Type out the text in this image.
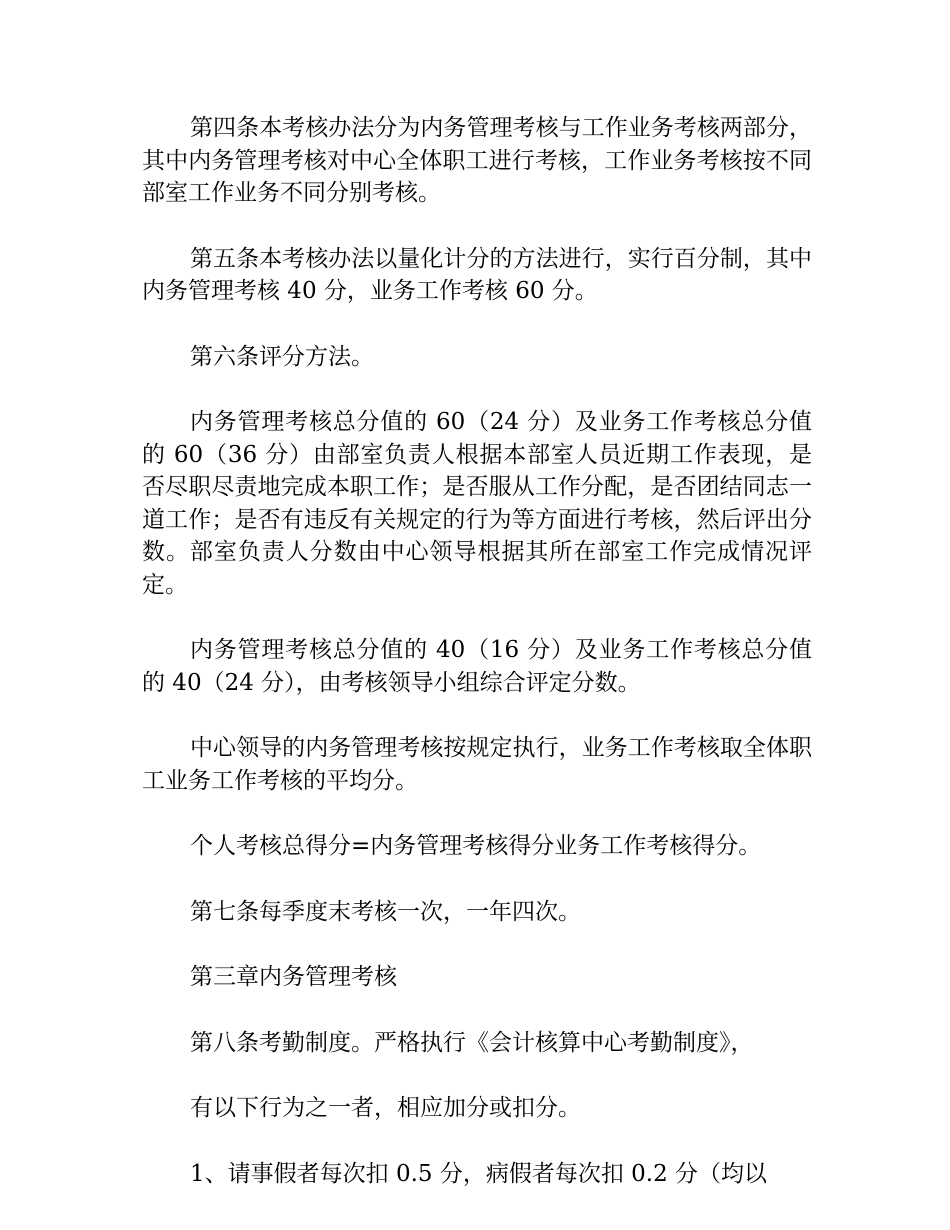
第四条本考核办法分为内务管理考核与工作业务考核两部分，其中内务管理考核对中心全体职工进行考核，工作业务考核按不同部室工作业务不同分别考核。

第五条本考核办法以量化计分的方法进行，实行百分制，其中内务管理考核 40 分，业务工作考核 60 分。

第六条评分方法。

内务管理考核总分值的 60（24 分）及业务工作考核总分值的 60（36 分）由部室负责人根据本部室人员近期工作表现，是否尽职尽责地完成本职工作；是否服从工作分配，是否团结同志一道工作；是否有违反有关规定的行为等方面进行考核，然后评出分数。部室负责人分数由中心领导根据其所在部室工作完成情况评定。

内务管理考核总分值的 40（16 分）及业务工作考核总分值的 40（24 分），由考核领导小组综合评定分数。

中心领导的内务管理考核按规定执行，业务工作考核取全体职工业务工作考核的平均分。

个人考核总得分=内务管理考核得分业务工作考核得分。

第七条每季度末考核一次，一年四次。

第三章内务管理考核

第八条考勤制度。严格执行《会计核算中心考勤制度》，

有以下行为之一者，相应加分或扣分。

1、请事假者每次扣 0.5 分，病假者每次扣 0.2 分（均以
